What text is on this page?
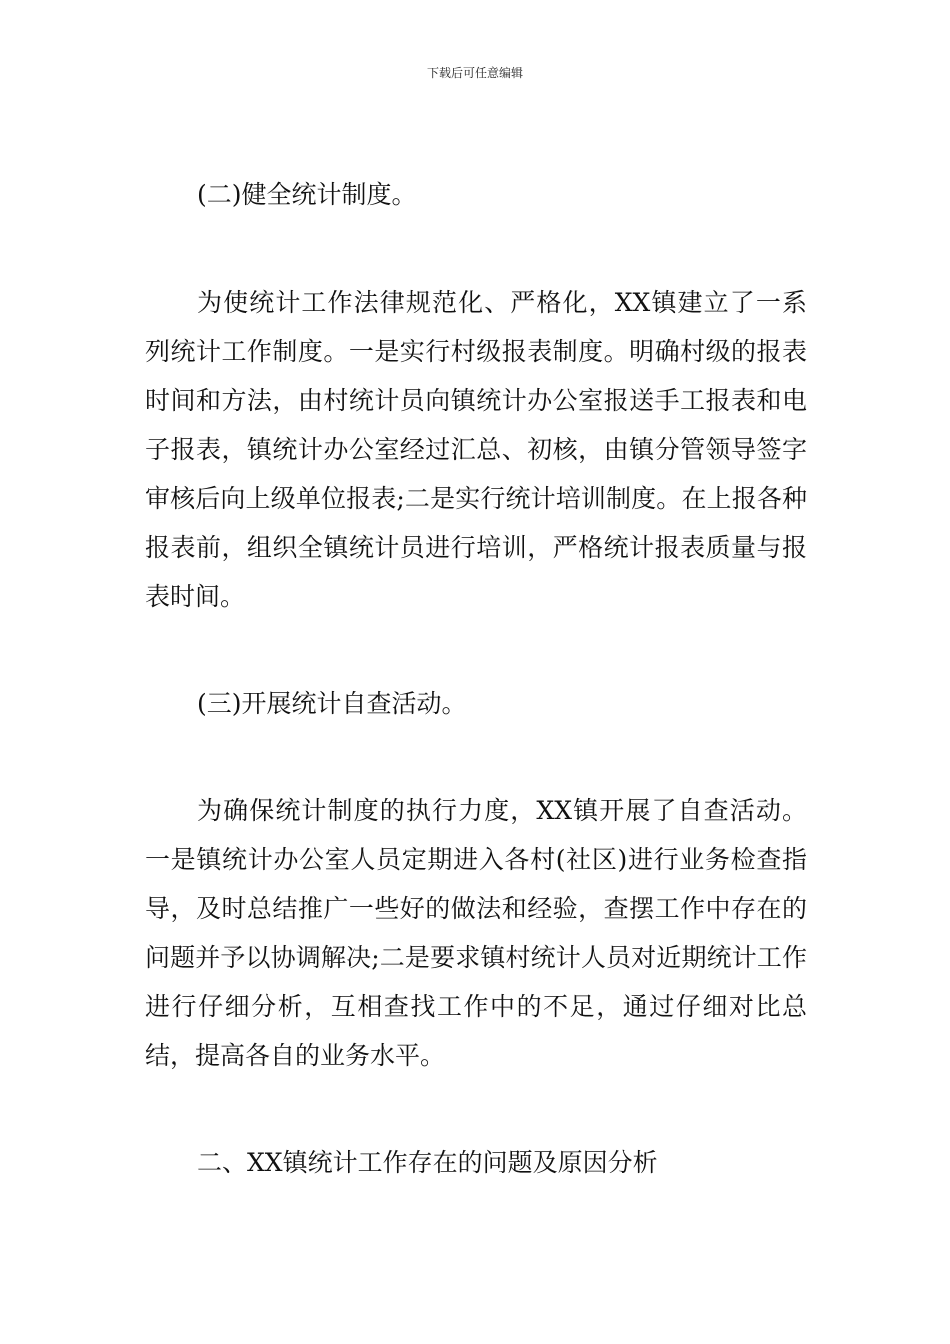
下载后可任意编辑

(二)健全统计制度。

为使统计工作法律规范化、严格化，XX镇建立了一系列统计工作制度。一是实行村级报表制度。明确村级的报表时间和方法，由村统计员向镇统计办公室报送手工报表和电子报表，镇统计办公室经过汇总、初核，由镇分管领导签字审核后向上级单位报表;二是实行统计培训制度。在上报各种报表前，组织全镇统计员进行培训，严格统计报表质量与报表时间。

(三)开展统计自查活动。

为确保统计制度的执行力度，XX镇开展了自查活动。一是镇统计办公室人员定期进入各村(社区)进行业务检查指导，及时总结推广一些好的做法和经验，查摆工作中存在的问题并予以协调解决;二是要求镇村统计人员对近期统计工作进行仔细分析，互相查找工作中的不足，通过仔细对比总结，提高各自的业务水平。

二、XX镇统计工作存在的问题及原因分析
